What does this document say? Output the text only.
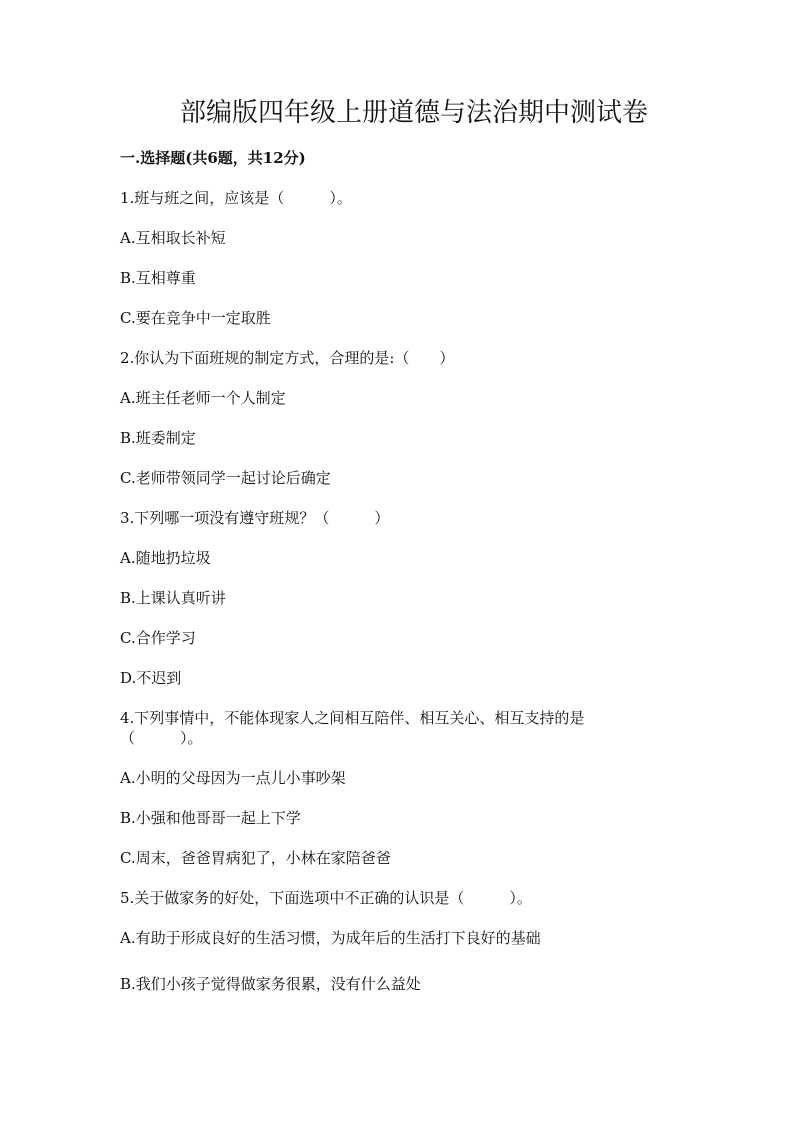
部编版四年级上册道德与法治期中测试卷
一.选择题(共6题，共12分)

1.班与班之间，应该是（　　　）。

A.互相取长补短

B.互相尊重

C.要在竞争中一定取胜

2.你认为下面班规的制定方式，合理的是:（　　）

A.班主任老师一个人制定

B.班委制定

C.老师带领同学一起讨论后确定

3.下列哪一项没有遵守班规？（　　　）

A.随地扔垃圾

B.上课认真听讲

C.合作学习

D.不迟到

4.下列事情中，不能体现家人之间相互陪伴、相互关心、相互支持的是
（　　　）。

A.小明的父母因为一点儿小事吵架

B.小强和他哥哥一起上下学

C.周末，爸爸胃病犯了，小林在家陪爸爸

5.关于做家务的好处，下面选项中不正确的认识是（　　　）。

A.有助于形成良好的生活习惯，为成年后的生活打下良好的基础

B.我们小孩子觉得做家务很累，没有什么益处
